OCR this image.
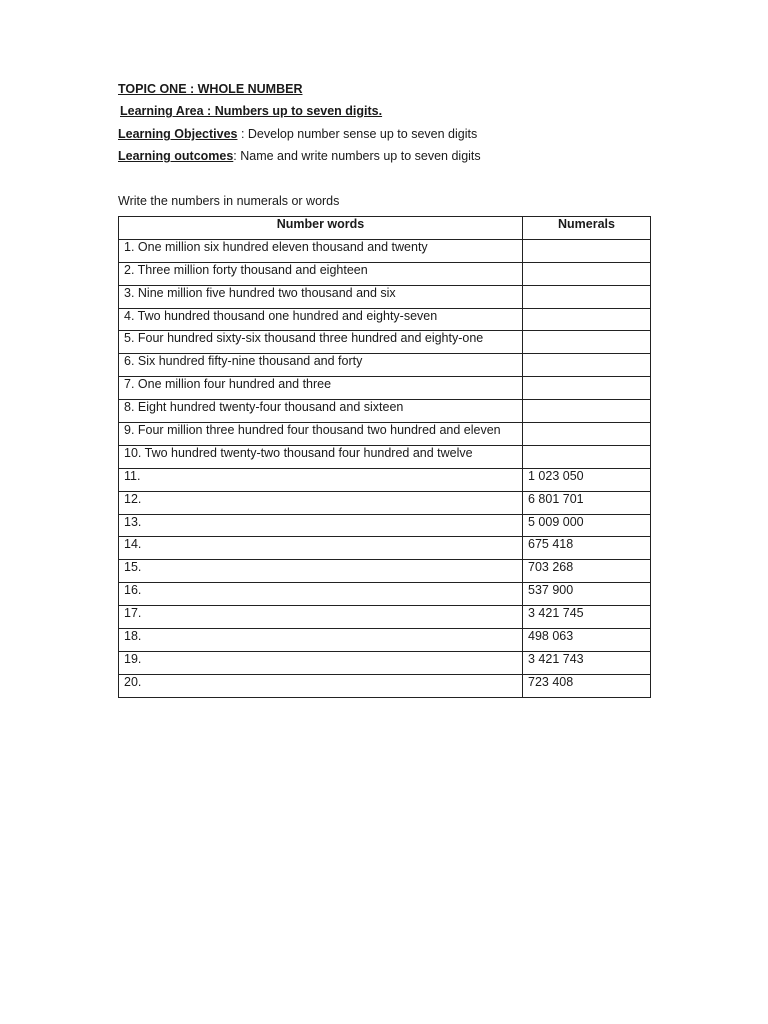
TOPIC ONE : WHOLE NUMBER
Learning Area : Numbers up to seven digits.
Learning Objectives : Develop number sense up to seven digits
Learning outcomes: Name and write numbers up to seven digits
Write the numbers in numerals or words
Number words	Numerals
1. One million six hundred eleven thousand and twenty	
2. Three million forty thousand and eighteen	
3. Nine million five hundred two thousand and six	
4. Two hundred thousand one hundred and eighty-seven	
5. Four hundred sixty-six thousand three hundred and eighty-one	
6. Six hundred fifty-nine thousand and forty	
7. One million four hundred and three	
8. Eight hundred twenty-four thousand and sixteen	
9. Four million three hundred four thousand two hundred and eleven	
10. Two hundred twenty-two thousand four hundred and twelve	
11.	1 023 050
12.	6 801 701
13.	5 009 000
14.	675 418
15.	703 268
16.	537 900
17.	3 421 745
18.	498 063
19.	3 421 743
20.	723 408
